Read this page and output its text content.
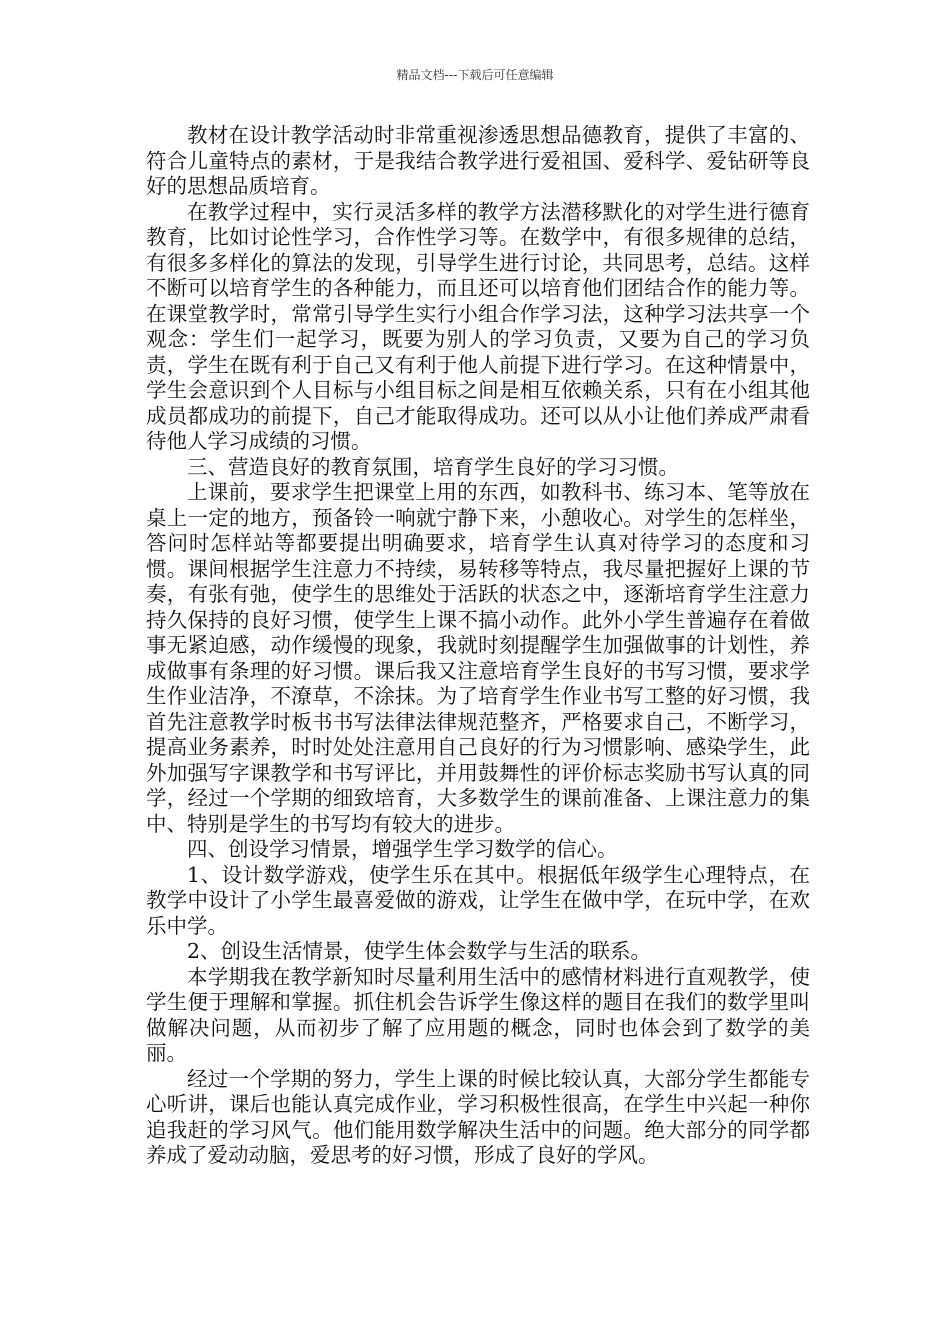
精品文档---下载后可任意编辑

教材在设计教学活动时非常重视渗透思想品德教育，提供了丰富的、符合儿童特点的素材，于是我结合教学进行爱祖国、爱科学、爱钻研等良好的思想品质培育。

在教学过程中，实行灵活多样的教学方法潜移默化的对学生进行德育教育，比如讨论性学习，合作性学习等。在数学中，有很多规律的总结，有很多多样化的算法的发现，引导学生进行讨论，共同思考，总结。这样不断可以培育学生的各种能力，而且还可以培育他们团结合作的能力等。在课堂教学时，常常引导学生实行小组合作学习法，这种学习法共享一个观念：学生们一起学习，既要为别人的学习负责，又要为自己的学习负责，学生在既有利于自己又有利于他人前提下进行学习。在这种情景中，学生会意识到个人目标与小组目标之间是相互依赖关系，只有在小组其他成员都成功的前提下，自己才能取得成功。还可以从小让他们养成严肃看待他人学习成绩的习惯。

三、营造良好的教育氛围，培育学生良好的学习习惯。

上课前，要求学生把课堂上用的东西，如教科书、练习本、笔等放在桌上一定的地方，预备铃一响就宁静下来，小憩收心。对学生的怎样坐，答问时怎样站等都要提出明确要求，培育学生认真对待学习的态度和习惯。课间根据学生注意力不持续，易转移等特点，我尽量把握好上课的节奏，有张有弛，使学生的思维处于活跃的状态之中，逐渐培育学生注意力持久保持的良好习惯，使学生上课不搞小动作。此外小学生普遍存在着做事无紧迫感，动作缓慢的现象，我就时刻提醒学生加强做事的计划性，养成做事有条理的好习惯。课后我又注意培育学生良好的书写习惯，要求学生作业洁净，不潦草，不涂抹。为了培育学生作业书写工整的好习惯，我首先注意教学时板书书写法律法律规范整齐，严格要求自己，不断学习，提高业务素养，时时处处注意用自己良好的行为习惯影响、感染学生，此外加强写字课教学和书写评比，并用鼓舞性的评价标志奖励书写认真的同学，经过一个学期的细致培育，大多数学生的课前准备、上课注意力的集中、特别是学生的书写均有较大的进步。

四、创设学习情景，增强学生学习数学的信心。

1、设计数学游戏，使学生乐在其中。根据低年级学生心理特点，在教学中设计了小学生最喜爱做的游戏，让学生在做中学，在玩中学，在欢乐中学。

2、创设生活情景，使学生体会数学与生活的联系。

本学期我在教学新知时尽量利用生活中的感情材料进行直观教学，使学生便于理解和掌握。抓住机会告诉学生像这样的题目在我们的数学里叫做解决问题，从而初步了解了应用题的概念，同时也体会到了数学的美丽。

经过一个学期的努力，学生上课的时候比较认真，大部分学生都能专心听讲，课后也能认真完成作业，学习积极性很高，在学生中兴起一种你追我赶的学习风气。他们能用数学解决生活中的问题。绝大部分的同学都养成了爱动动脑，爱思考的好习惯，形成了良好的学风。
